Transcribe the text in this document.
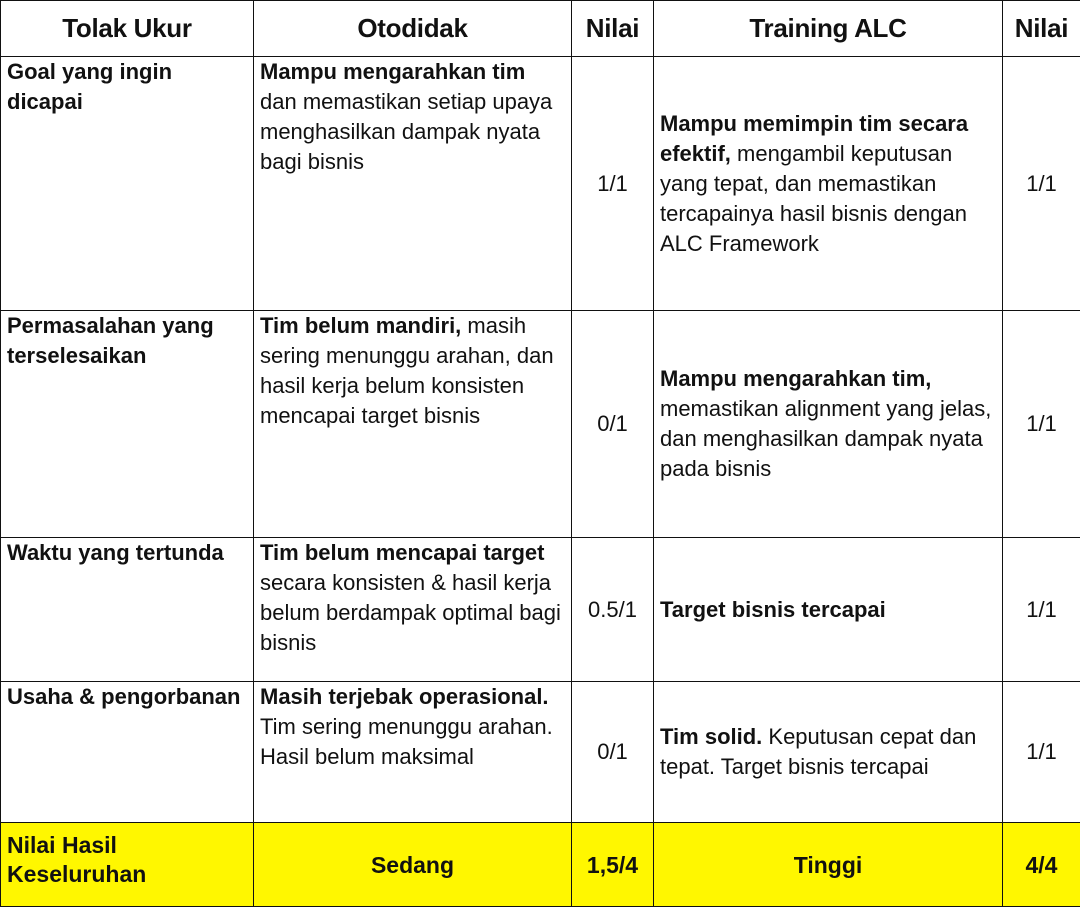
Tolak Ukur	Otodidak	Nilai	Training ALC	Nilai
Goal yang ingin dicapai	Mampu mengarahkan tim dan memastikan setiap upaya menghasilkan dampak nyata bagi bisnis	1/1	Mampu memimpin tim secara efektif, mengambil keputusan yang tepat, dan memastikan tercapainya hasil bisnis dengan ALC Framework	1/1
Permasalahan yang terselesaikan	Tim belum mandiri, masih sering menunggu arahan, dan hasil kerja belum konsisten mencapai target bisnis	0/1	Mampu mengarahkan tim, memastikan alignment yang jelas, dan menghasilkan dampak nyata pada bisnis	1/1
Waktu yang tertunda	Tim belum mencapai target secara konsisten & hasil kerja belum berdampak optimal bagi bisnis	0.5/1	Target bisnis tercapai	1/1
Usaha & pengorbanan	Masih terjebak operasional. Tim sering menunggu arahan. Hasil belum maksimal	0/1	Tim solid. Keputusan cepat dan tepat. Target bisnis tercapai	1/1
Nilai Hasil Keseluruhan	Sedang	1,5/4	Tinggi	4/4
